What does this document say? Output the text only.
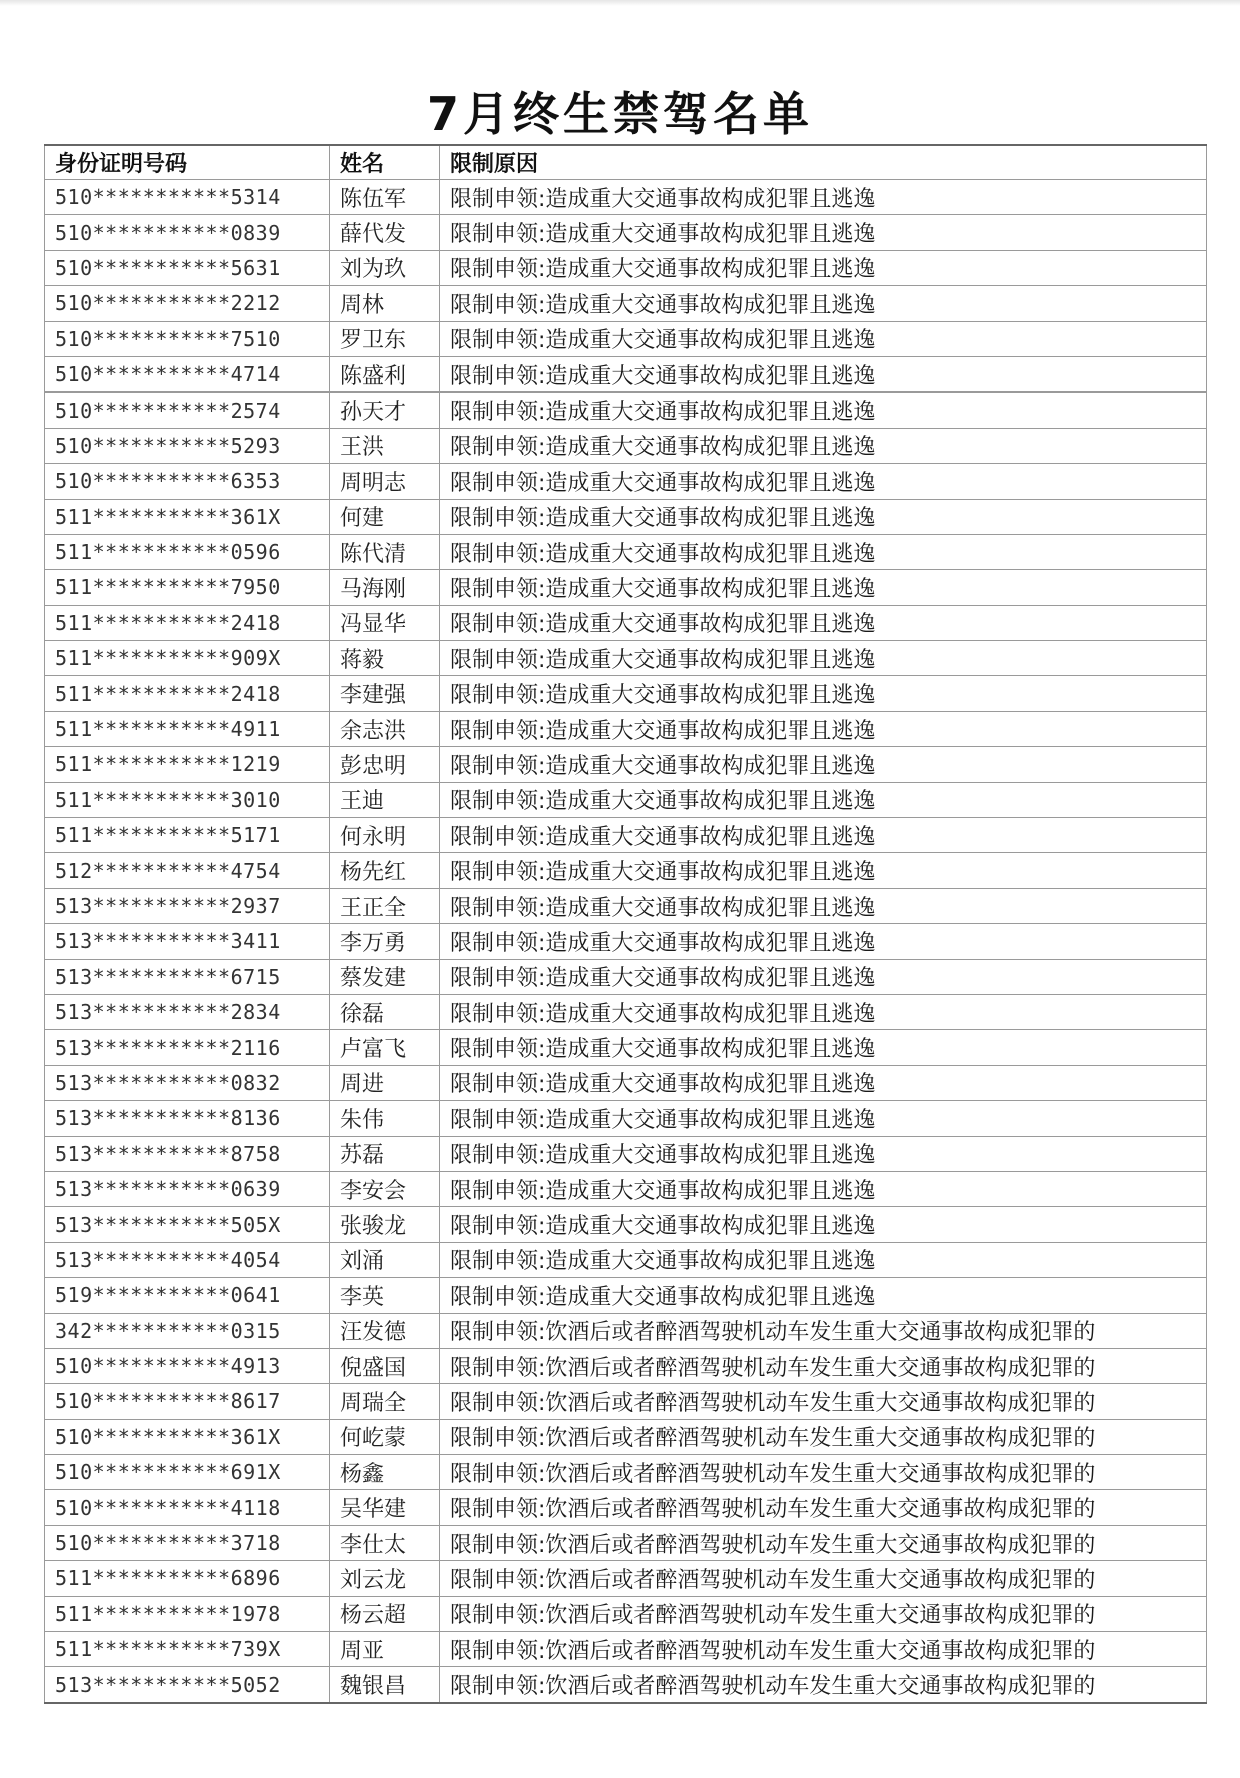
7月终生禁驾名单
身份证明号码	姓名	限制原因
510***********5314	陈伍军	限制申领:造成重大交通事故构成犯罪且逃逸
510***********0839	薛代发	限制申领:造成重大交通事故构成犯罪且逃逸
510***********5631	刘为玖	限制申领:造成重大交通事故构成犯罪且逃逸
510***********2212	周林	限制申领:造成重大交通事故构成犯罪且逃逸
510***********7510	罗卫东	限制申领:造成重大交通事故构成犯罪且逃逸
510***********4714	陈盛利	限制申领:造成重大交通事故构成犯罪且逃逸
510***********2574	孙天才	限制申领:造成重大交通事故构成犯罪且逃逸
510***********5293	王洪	限制申领:造成重大交通事故构成犯罪且逃逸
510***********6353	周明志	限制申领:造成重大交通事故构成犯罪且逃逸
511***********361X	何建	限制申领:造成重大交通事故构成犯罪且逃逸
511***********0596	陈代清	限制申领:造成重大交通事故构成犯罪且逃逸
511***********7950	马海刚	限制申领:造成重大交通事故构成犯罪且逃逸
511***********2418	冯显华	限制申领:造成重大交通事故构成犯罪且逃逸
511***********909X	蒋毅	限制申领:造成重大交通事故构成犯罪且逃逸
511***********2418	李建强	限制申领:造成重大交通事故构成犯罪且逃逸
511***********4911	余志洪	限制申领:造成重大交通事故构成犯罪且逃逸
511***********1219	彭忠明	限制申领:造成重大交通事故构成犯罪且逃逸
511***********3010	王迪	限制申领:造成重大交通事故构成犯罪且逃逸
511***********5171	何永明	限制申领:造成重大交通事故构成犯罪且逃逸
512***********4754	杨先红	限制申领:造成重大交通事故构成犯罪且逃逸
513***********2937	王正全	限制申领:造成重大交通事故构成犯罪且逃逸
513***********3411	李万勇	限制申领:造成重大交通事故构成犯罪且逃逸
513***********6715	蔡发建	限制申领:造成重大交通事故构成犯罪且逃逸
513***********2834	徐磊	限制申领:造成重大交通事故构成犯罪且逃逸
513***********2116	卢富飞	限制申领:造成重大交通事故构成犯罪且逃逸
513***********0832	周进	限制申领:造成重大交通事故构成犯罪且逃逸
513***********8136	朱伟	限制申领:造成重大交通事故构成犯罪且逃逸
513***********8758	苏磊	限制申领:造成重大交通事故构成犯罪且逃逸
513***********0639	李安会	限制申领:造成重大交通事故构成犯罪且逃逸
513***********505X	张骏龙	限制申领:造成重大交通事故构成犯罪且逃逸
513***********4054	刘涌	限制申领:造成重大交通事故构成犯罪且逃逸
519***********0641	李英	限制申领:造成重大交通事故构成犯罪且逃逸
342***********0315	汪发德	限制申领:饮酒后或者醉酒驾驶机动车发生重大交通事故构成犯罪的
510***********4913	倪盛国	限制申领:饮酒后或者醉酒驾驶机动车发生重大交通事故构成犯罪的
510***********8617	周瑞全	限制申领:饮酒后或者醉酒驾驶机动车发生重大交通事故构成犯罪的
510***********361X	何屹蒙	限制申领:饮酒后或者醉酒驾驶机动车发生重大交通事故构成犯罪的
510***********691X	杨鑫	限制申领:饮酒后或者醉酒驾驶机动车发生重大交通事故构成犯罪的
510***********4118	吴华建	限制申领:饮酒后或者醉酒驾驶机动车发生重大交通事故构成犯罪的
510***********3718	李仕太	限制申领:饮酒后或者醉酒驾驶机动车发生重大交通事故构成犯罪的
511***********6896	刘云龙	限制申领:饮酒后或者醉酒驾驶机动车发生重大交通事故构成犯罪的
511***********1978	杨云超	限制申领:饮酒后或者醉酒驾驶机动车发生重大交通事故构成犯罪的
511***********739X	周亚	限制申领:饮酒后或者醉酒驾驶机动车发生重大交通事故构成犯罪的
513***********5052	魏银昌	限制申领:饮酒后或者醉酒驾驶机动车发生重大交通事故构成犯罪的
